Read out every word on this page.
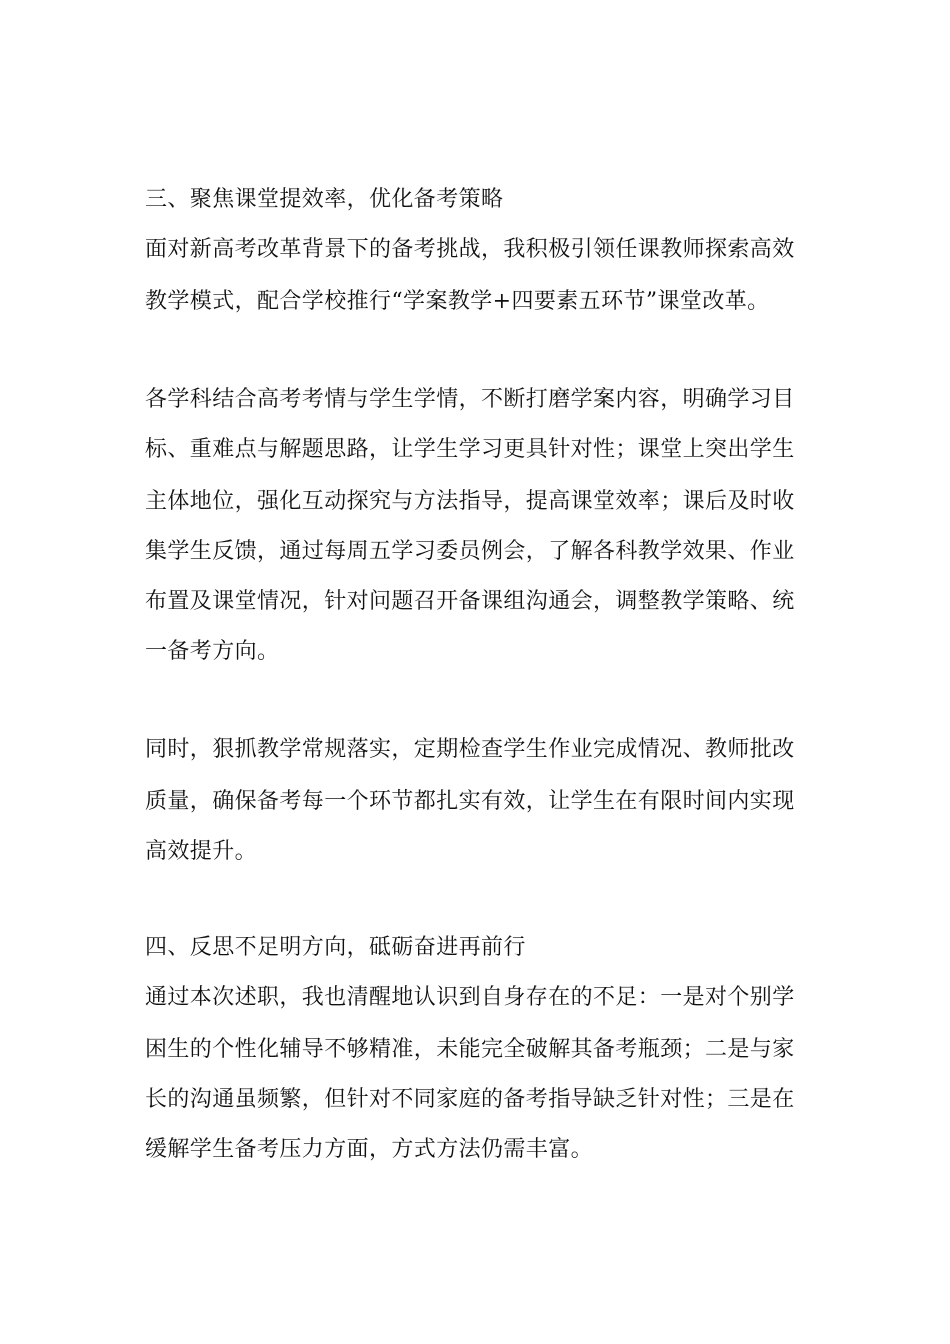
三、聚焦课堂提效率，优化备考策略
面对新高考改革背景下的备考挑战，我积极引领任课教师探索高效
教学模式，配合学校推行“学案教学+四要素五环节”课堂改革。
各学科结合高考考情与学生学情，不断打磨学案内容，明确学习目
标、重难点与解题思路，让学生学习更具针对性；课堂上突出学生
主体地位，强化互动探究与方法指导，提高课堂效率；课后及时收
集学生反馈，通过每周五学习委员例会，了解各科教学效果、作业
布置及课堂情况，针对问题召开备课组沟通会，调整教学策略、统
一备考方向。
同时，狠抓教学常规落实，定期检查学生作业完成情况、教师批改
质量，确保备考每一个环节都扎实有效，让学生在有限时间内实现
高效提升。
四、反思不足明方向，砥砺奋进再前行
通过本次述职，我也清醒地认识到自身存在的不足：一是对个别学
困生的个性化辅导不够精准，未能完全破解其备考瓶颈；二是与家
长的沟通虽频繁，但针对不同家庭的备考指导缺乏针对性；三是在
缓解学生备考压力方面，方式方法仍需丰富。
